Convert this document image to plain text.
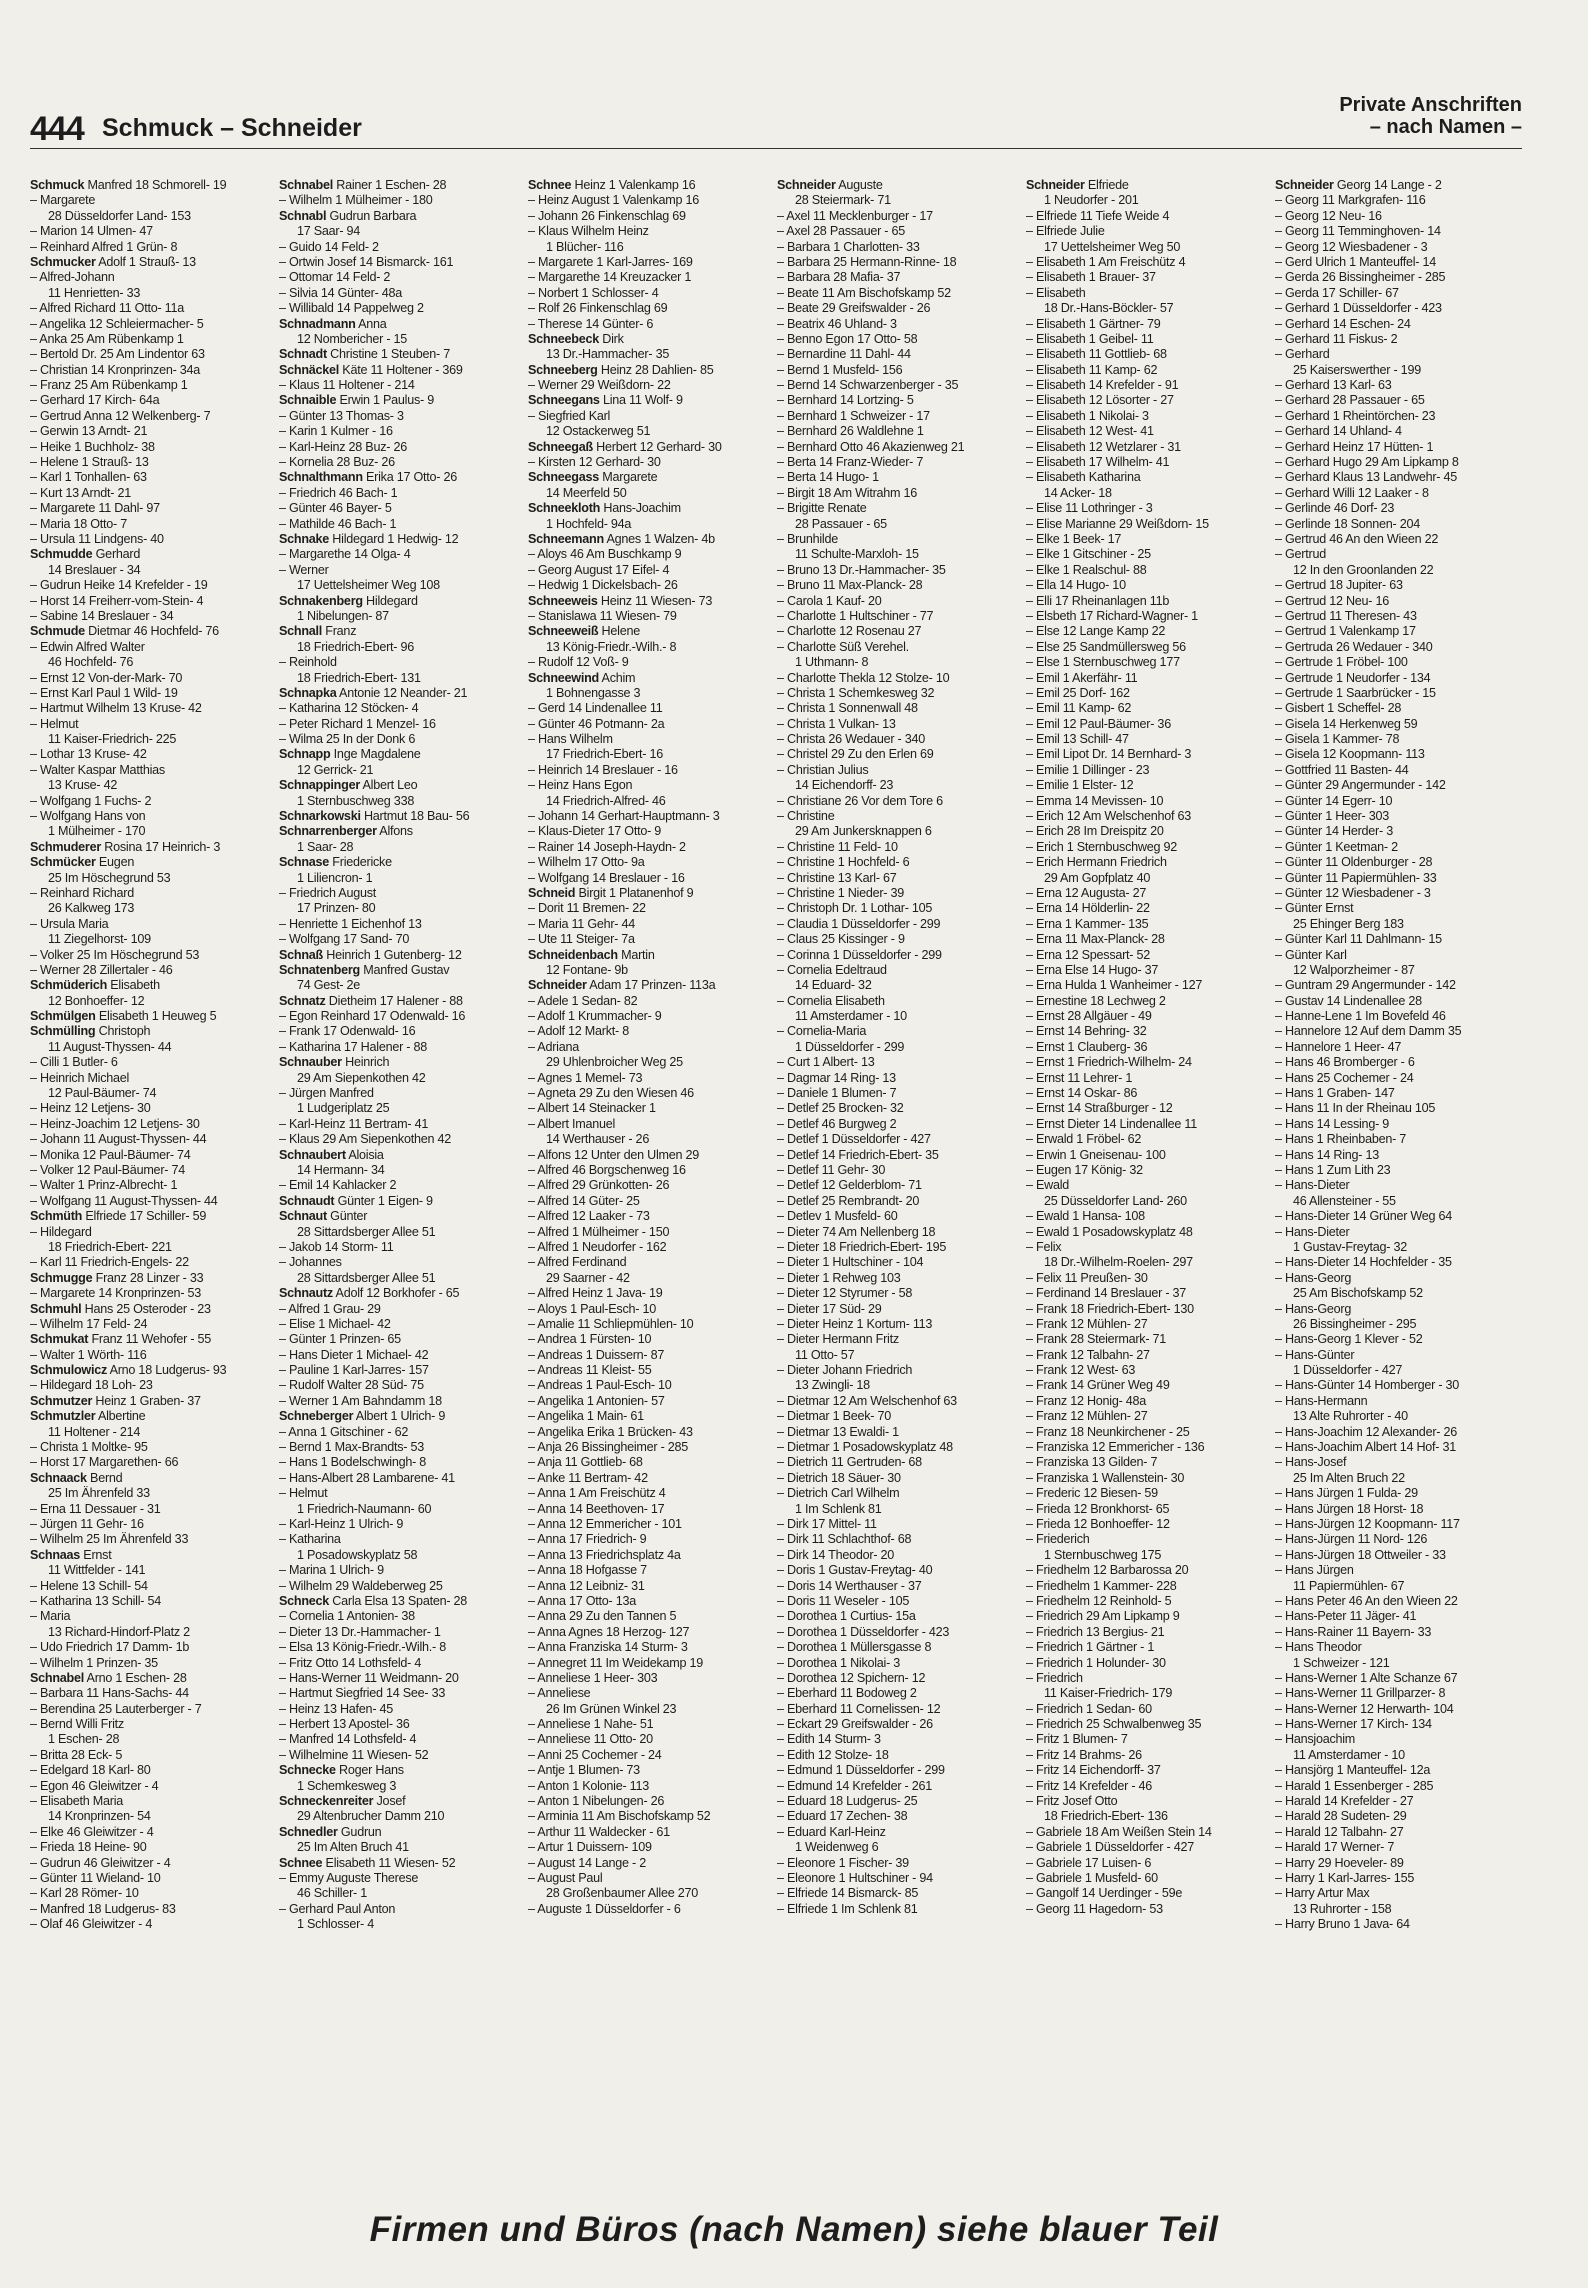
444 Schmuck – Schneider
Private Anschriften
– nach Namen –
Schmuck Manfred 18 Schmorell- 19
– Margarete
28 Düsseldorfer Land- 153
– Marion 14 Ulmen- 47
– Reinhard Alfred 1 Grün- 8
Schmucker Adolf 1 Strauß- 13
– Alfred-Johann
11 Henrietten- 33
– Alfred Richard 11 Otto- 11a
– Angelika 12 Schleiermacher- 5
– Anka 25 Am Rübenkamp 1
– Bertold Dr. 25 Am Lindentor 63
– Christian 14 Kronprinzen- 34a
– Franz 25 Am Rübenkamp 1
– Gerhard 17 Kirch- 64a
– Gertrud Anna 12 Welkenberg- 7
– Gerwin 13 Arndt- 21
– Heike 1 Buchholz- 38
– Helene 1 Strauß- 13
– Karl 1 Tonhallen- 63
– Kurt 13 Arndt- 21
– Margarete 11 Dahl- 97
– Maria 18 Otto- 7
– Ursula 11 Lindgens- 40
Schmudde Gerhard
14 Breslauer - 34
– Gudrun Heike 14 Krefelder - 19
– Horst 14 Freiherr-vom-Stein- 4
– Sabine 14 Breslauer - 34
Schmude Dietmar 46 Hochfeld- 76
– Edwin Alfred Walter
46 Hochfeld- 76
– Ernst 12 Von-der-Mark- 70
– Ernst Karl Paul 1 Wild- 19
– Hartmut Wilhelm 13 Kruse- 42
– Helmut
11 Kaiser-Friedrich- 225
– Lothar 13 Kruse- 42
– Walter Kaspar Matthias
13 Kruse- 42
– Wolfgang 1 Fuchs- 2
– Wolfgang Hans von
1 Mülheimer - 170
Schmuderer Rosina 17 Heinrich- 3
Schmücker Eugen
25 Im Höschegrund 53
– Reinhard Richard
26 Kalkweg 173
– Ursula Maria
11 Ziegelhorst- 109
– Volker 25 Im Höschegrund 53
– Werner 28 Zillertaler - 46
Schmüderich Elisabeth
12 Bonhoeffer- 12
Schmülgen Elisabeth 1 Heuweg 5
Schmülling Christoph
11 August-Thyssen- 44
– Cilli 1 Butler- 6
– Heinrich Michael
12 Paul-Bäumer- 74
– Heinz 12 Letjens- 30
– Heinz-Joachim 12 Letjens- 30
– Johann 11 August-Thyssen- 44
– Monika 12 Paul-Bäumer- 74
– Volker 12 Paul-Bäumer- 74
– Walter 1 Prinz-Albrecht- 1
– Wolfgang 11 August-Thyssen- 44
Schmüth Elfriede 17 Schiller- 59
– Hildegard
18 Friedrich-Ebert- 221
– Karl 11 Friedrich-Engels- 22
Schmugge Franz 28 Linzer - 33
– Margarete 14 Kronprinzen- 53
Schmuhl Hans 25 Osteroder - 23
– Wilhelm 17 Feld- 24
Schmukat Franz 11 Wehofer - 55
– Walter 1 Wörth- 116
Schmulowicz Arno 18 Ludgerus- 93
– Hildegard 18 Loh- 23
Schmutzer Heinz 1 Graben- 37
Schmutzler Albertine
11 Holtener - 214
– Christa 1 Moltke- 95
– Horst 17 Margarethen- 66
Schnaack Bernd
25 Im Ährenfeld 33
– Erna 11 Dessauer - 31
– Jürgen 11 Gehr- 16
– Wilhelm 25 Im Ährenfeld 33
Schnaas Ernst
11 Wittfelder - 141
– Helene 13 Schill- 54
– Katharina 13 Schill- 54
– Maria
13 Richard-Hindorf-Platz 2
– Udo Friedrich 17 Damm- 1b
– Wilhelm 1 Prinzen- 35
Schnabel Arno 1 Eschen- 28
– Barbara 11 Hans-Sachs- 44
– Berendina 25 Lauterberger - 7
– Bernd Willi Fritz
1 Eschen- 28
– Britta 28 Eck- 5
– Edelgard 18 Karl- 80
– Egon 46 Gleiwitzer - 4
– Elisabeth Maria
14 Kronprinzen- 54
– Elke 46 Gleiwitzer - 4
– Frieda 18 Heine- 90
– Gudrun 46 Gleiwitzer - 4
– Günter 11 Wieland- 10
– Karl 28 Römer- 10
– Manfred 18 Ludgerus- 83
– Olaf 46 Gleiwitzer - 4
Schnabel Rainer 1 Eschen- 28
– Wilhelm 1 Mülheimer - 180
Schnabl Gudrun Barbara
17 Saar- 94
– Guido 14 Feld- 2
– Ortwin Josef 14 Bismarck- 161
– Ottomar 14 Feld- 2
– Silvia 14 Günter- 48a
– Willibald 14 Pappelweg 2
Schnadmann Anna
12 Nombericher - 15
Schnadt Christine 1 Steuben- 7
Schnäckel Käte 11 Holtener - 369
– Klaus 11 Holtener - 214
Schnaible Erwin 1 Paulus- 9
– Günter 13 Thomas- 3
– Karin 1 Kulmer - 16
– Karl-Heinz 28 Buz- 26
– Kornelia 28 Buz- 26
Schnalthmann Erika 17 Otto- 26
– Friedrich 46 Bach- 1
– Günter 46 Bayer- 5
– Mathilde 46 Bach- 1
Schnake Hildegard 1 Hedwig- 12
– Margarethe 14 Olga- 4
– Werner
17 Uettelsheimer Weg 108
Schnakenberg Hildegard
1 Nibelungen- 87
Schnall Franz
18 Friedrich-Ebert- 96
– Reinhold
18 Friedrich-Ebert- 131
Schnapka Antonie 12 Neander- 21
– Katharina 12 Stöcken- 4
– Peter Richard 1 Menzel- 16
– Wilma 25 In der Donk 6
Schnapp Inge Magdalene
12 Gerrick- 21
Schnappinger Albert Leo
1 Sternbuschweg 338
Schnarkowski Hartmut 18 Bau- 56
Schnarrenberger Alfons
1 Saar- 28
Schnase Friedericke
1 Liliencron- 1
– Friedrich August
17 Prinzen- 80
– Henriette 1 Eichenhof 13
– Wolfgang 17 Sand- 70
Schnaß Heinrich 1 Gutenberg- 12
Schnatenberg Manfred Gustav
74 Gest- 2e
Schnatz Dietheim 17 Halener - 88
– Egon Reinhard 17 Odenwald- 16
– Frank 17 Odenwald- 16
– Katharina 17 Halener - 88
Schnauber Heinrich
29 Am Siepenkothen 42
– Jürgen Manfred
1 Ludgeriplatz 25
– Karl-Heinz 11 Bertram- 41
– Klaus 29 Am Siepenkothen 42
Schnaubert Aloisia
14 Hermann- 34
– Emil 14 Kahlacker 2
Schnaudt Günter 1 Eigen- 9
Schnaut Günter
28 Sittardsberger Allee 51
– Jakob 14 Storm- 11
– Johannes
28 Sittardsberger Allee 51
Schnautz Adolf 12 Borkhofer - 65
– Alfred 1 Grau- 29
– Elise 1 Michael- 42
– Günter 1 Prinzen- 65
– Hans Dieter 1 Michael- 42
– Pauline 1 Karl-Jarres- 157
– Rudolf Walter 28 Süd- 75
– Werner 1 Am Bahndamm 18
Schneberger Albert 1 Ulrich- 9
– Anna 1 Gitschiner - 62
– Bernd 1 Max-Brandts- 53
– Hans 1 Bodelschwingh- 8
– Hans-Albert 28 Lambarene- 41
– Helmut
1 Friedrich-Naumann- 60
– Karl-Heinz 1 Ulrich- 9
– Katharina
1 Posadowskyplatz 58
– Marina 1 Ulrich- 9
– Wilhelm 29 Waldeberweg 25
Schneck Carla Elsa 13 Spaten- 28
– Cornelia 1 Antonien- 38
– Dieter 13 Dr.-Hammacher- 1
– Elsa 13 König-Friedr.-Wilh.- 8
– Fritz Otto 14 Lothsfeld- 4
– Hans-Werner 11 Weidmann- 20
– Hartmut Siegfried 14 See- 33
– Heinz 13 Hafen- 45
– Herbert 13 Apostel- 36
– Manfred 14 Lothsfeld- 4
– Wilhelmine 11 Wiesen- 52
Schnecke Roger Hans
1 Schemkesweg 3
Schneckenreiter Josef
29 Altenbrucher Damm 210
Schnedler Gudrun
25 Im Alten Bruch 41
Schnee Elisabeth 11 Wiesen- 52
– Emmy Auguste Therese
46 Schiller- 1
– Gerhard Paul Anton
1 Schlosser- 4
Schnee Heinz 1 Valenkamp 16
– Heinz August 1 Valenkamp 16
– Johann 26 Finkenschlag 69
– Klaus Wilhelm Heinz
1 Blücher- 116
– Margarete 1 Karl-Jarres- 169
– Margarethe 14 Kreuzacker 1
– Norbert 1 Schlosser- 4
– Rolf 26 Finkenschlag 69
– Therese 14 Günter- 6
Schneebeck Dirk
13 Dr.-Hammacher- 35
Schneeberg Heinz 28 Dahlien- 85
– Werner 29 Weißdorn- 22
Schneegans Lina 11 Wolf- 9
– Siegfried Karl
12 Ostackerweg 51
Schneegaß Herbert 12 Gerhard- 30
– Kirsten 12 Gerhard- 30
Schneegass Margarete
14 Meerfeld 50
Schneekloth Hans-Joachim
1 Hochfeld- 94a
Schneemann Agnes 1 Walzen- 4b
– Aloys 46 Am Buschkamp 9
– Georg August 17 Eifel- 4
– Hedwig 1 Dickelsbach- 26
Schneeweis Heinz 11 Wiesen- 73
– Stanislawa 11 Wiesen- 79
Schneeweiß Helene
13 König-Friedr.-Wilh.- 8
– Rudolf 12 Voß- 9
Schneewind Achim
1 Bohnengasse 3
– Gerd 14 Lindenallee 11
– Günter 46 Potmann- 2a
– Hans Wilhelm
17 Friedrich-Ebert- 16
– Heinrich 14 Breslauer - 16
– Heinz Hans Egon
14 Friedrich-Alfred- 46
– Johann 14 Gerhart-Hauptmann- 3
– Klaus-Dieter 17 Otto- 9
– Rainer 14 Joseph-Haydn- 2
– Wilhelm 17 Otto- 9a
– Wolfgang 14 Breslauer - 16
Schneid Birgit 1 Platanenhof 9
– Dorit 11 Bremen- 22
– Maria 11 Gehr- 44
– Ute 11 Steiger- 7a
Schneidenbach Martin
12 Fontane- 9b
Schneider Adam 17 Prinzen- 113a
– Adele 1 Sedan- 82
– Adolf 1 Krummacher- 9
– Adolf 12 Markt- 8
– Adriana
29 Uhlenbroicher Weg 25
– Agnes 1 Memel- 73
– Agneta 29 Zu den Wiesen 46
– Albert 14 Steinacker 1
– Albert Imanuel
14 Werthauser - 26
– Alfons 12 Unter den Ulmen 29
– Alfred 46 Borgschenweg 16
– Alfred 29 Grünkotten- 26
– Alfred 14 Güter- 25
– Alfred 12 Laaker - 73
– Alfred 1 Mülheimer - 150
– Alfred 1 Neudorfer - 162
– Alfred Ferdinand
29 Saarner - 42
– Alfred Heinz 1 Java- 19
– Aloys 1 Paul-Esch- 10
– Amalie 11 Schliepmühlen- 10
– Andrea 1 Fürsten- 10
– Andreas 1 Duissern- 87
– Andreas 11 Kleist- 55
– Andreas 1 Paul-Esch- 10
– Angelika 1 Antonien- 57
– Angelika 1 Main- 61
– Angelika Erika 1 Brücken- 43
– Anja 26 Bissingheimer - 285
– Anja 11 Gottlieb- 68
– Anke 11 Bertram- 42
– Anna 1 Am Freischütz 4
– Anna 14 Beethoven- 17
– Anna 12 Emmericher - 101
– Anna 17 Friedrich- 9
– Anna 13 Friedrichsplatz 4a
– Anna 18 Hofgasse 7
– Anna 12 Leibniz- 31
– Anna 17 Otto- 13a
– Anna 29 Zu den Tannen 5
– Anna Agnes 18 Herzog- 127
– Anna Franziska 14 Sturm- 3
– Annegret 11 Im Weidekamp 19
– Anneliese 1 Heer- 303
– Anneliese
26 Im Grünen Winkel 23
– Anneliese 1 Nahe- 51
– Anneliese 11 Otto- 20
– Anni 25 Cochemer - 24
– Antje 1 Blumen- 73
– Anton 1 Kolonie- 113
– Anton 1 Nibelungen- 26
– Arminia 11 Am Bischofskamp 52
– Arthur 11 Waldecker - 61
– Artur 1 Duissern- 109
– August 14 Lange - 2
– August Paul
28 Großenbaumer Allee 270
– Auguste 1 Düsseldorfer - 6
Schneider Auguste
28 Steiermark- 71
– Axel 11 Mecklenburger - 17
– Axel 28 Passauer - 65
– Barbara 1 Charlotten- 33
– Barbara 25 Hermann-Rinne- 18
– Barbara 28 Mafia- 37
– Beate 11 Am Bischofskamp 52
– Beate 29 Greifswalder - 26
– Beatrix 46 Uhland- 3
– Benno Egon 17 Otto- 58
– Bernardine 11 Dahl- 44
– Bernd 1 Musfeld- 156
– Bernd 14 Schwarzenberger - 35
– Bernhard 14 Lortzing- 5
– Bernhard 1 Schweizer - 17
– Bernhard 26 Waldlehne 1
– Bernhard Otto 46 Akazienweg 21
– Berta 14 Franz-Wieder- 7
– Berta 14 Hugo- 1
– Birgit 18 Am Witrahm 16
– Brigitte Renate
28 Passauer - 65
– Brunhilde
11 Schulte-Marxloh- 15
– Bruno 13 Dr.-Hammacher- 35
– Bruno 11 Max-Planck- 28
– Carola 1 Kauf- 20
– Charlotte 1 Hultschiner - 77
– Charlotte 12 Rosenau 27
– Charlotte Süß Verehel.
1 Uthmann- 8
– Charlotte Thekla 12 Stolze- 10
– Christa 1 Schemkesweg 32
– Christa 1 Sonnenwall 48
– Christa 1 Vulkan- 13
– Christa 26 Wedauer - 340
– Christel 29 Zu den Erlen 69
– Christian Julius
14 Eichendorff- 23
– Christiane 26 Vor dem Tore 6
– Christine
29 Am Junkersknappen 6
– Christine 11 Feld- 10
– Christine 1 Hochfeld- 6
– Christine 13 Karl- 67
– Christine 1 Nieder- 39
– Christoph Dr. 1 Lothar- 105
– Claudia 1 Düsseldorfer - 299
– Claus 25 Kissinger - 9
– Corinna 1 Düsseldorfer - 299
– Cornelia Edeltraud
14 Eduard- 32
– Cornelia Elisabeth
11 Amsterdamer - 10
– Cornelia-Maria
1 Düsseldorfer - 299
– Curt 1 Albert- 13
– Dagmar 14 Ring- 13
– Daniele 1 Blumen- 7
– Detlef 25 Brocken- 32
– Detlef 46 Burgweg 2
– Detlef 1 Düsseldorfer - 427
– Detlef 14 Friedrich-Ebert- 35
– Detlef 11 Gehr- 30
– Detlef 12 Gelderblom- 71
– Detlef 25 Rembrandt- 20
– Detlev 1 Musfeld- 60
– Dieter 74 Am Nellenberg 18
– Dieter 18 Friedrich-Ebert- 195
– Dieter 1 Hultschiner - 104
– Dieter 1 Rehweg 103
– Dieter 12 Styrumer - 58
– Dieter 17 Süd- 29
– Dieter Heinz 1 Kortum- 113
– Dieter Hermann Fritz
11 Otto- 57
– Dieter Johann Friedrich
13 Zwingli- 18
– Dietmar 12 Am Welschenhof 63
– Dietmar 1 Beek- 70
– Dietmar 13 Ewaldi- 1
– Dietmar 1 Posadowskyplatz 48
– Dietrich 11 Gertruden- 68
– Dietrich 18 Säuer- 30
– Dietrich Carl Wilhelm
1 Im Schlenk 81
– Dirk 17 Mittel- 11
– Dirk 11 Schlachthof- 68
– Dirk 14 Theodor- 20
– Doris 1 Gustav-Freytag- 40
– Doris 14 Werthauser - 37
– Doris 11 Weseler - 105
– Dorothea 1 Curtius- 15a
– Dorothea 1 Düsseldorfer - 423
– Dorothea 1 Müllersgasse 8
– Dorothea 1 Nikolai- 3
– Dorothea 12 Spichern- 12
– Eberhard 11 Bodoweg 2
– Eberhard 11 Cornelissen- 12
– Eckart 29 Greifswalder - 26
– Edith 14 Sturm- 3
– Edith 12 Stolze- 18
– Edmund 1 Düsseldorfer - 299
– Edmund 14 Krefelder - 261
– Eduard 18 Ludgerus- 25
– Eduard 17 Zechen- 38
– Eduard Karl-Heinz
1 Weidenweg 6
– Eleonore 1 Fischer- 39
– Eleonore 1 Hultschiner - 94
– Elfriede 14 Bismarck- 85
– Elfriede 1 Im Schlenk 81
Schneider Elfriede
1 Neudorfer - 201
– Elfriede 11 Tiefe Weide 4
– Elfriede Julie
17 Uettelsheimer Weg 50
– Elisabeth 1 Am Freischütz 4
– Elisabeth 1 Brauer- 37
– Elisabeth
18 Dr.-Hans-Böckler- 57
– Elisabeth 1 Gärtner- 79
– Elisabeth 1 Geibel- 11
– Elisabeth 11 Gottlieb- 68
– Elisabeth 11 Kamp- 62
– Elisabeth 14 Krefelder - 91
– Elisabeth 12 Lösorter - 27
– Elisabeth 1 Nikolai- 3
– Elisabeth 12 West- 41
– Elisabeth 12 Wetzlarer - 31
– Elisabeth 17 Wilhelm- 41
– Elisabeth Katharina
14 Acker- 18
– Elise 11 Lothringer - 3
– Elise Marianne 29 Weißdorn- 15
– Elke 1 Beek- 17
– Elke 1 Gitschiner - 25
– Elke 1 Realschul- 88
– Ella 14 Hugo- 10
– Elli 17 Rheinanlagen 11b
– Elsbeth 17 Richard-Wagner- 1
– Else 12 Lange Kamp 22
– Else 25 Sandmüllersweg 56
– Else 1 Sternbuschweg 177
– Emil 1 Akerfähr- 11
– Emil 25 Dorf- 162
– Emil 11 Kamp- 62
– Emil 12 Paul-Bäumer- 36
– Emil 13 Schill- 47
– Emil Lipot Dr. 14 Bernhard- 3
– Emilie 1 Dillinger - 23
– Emilie 1 Elster- 12
– Emma 14 Mevissen- 10
– Erich 12 Am Welschenhof 63
– Erich 28 Im Dreispitz 20
– Erich 1 Sternbuschweg 92
– Erich Hermann Friedrich
29 Am Gopfplatz 40
– Erna 12 Augusta- 27
– Erna 14 Hölderlin- 22
– Erna 1 Kammer- 135
– Erna 11 Max-Planck- 28
– Erna 12 Spessart- 52
– Erna Else 14 Hugo- 37
– Erna Hulda 1 Wanheimer - 127
– Ernestine 18 Lechweg 2
– Ernst 28 Allgäuer - 49
– Ernst 14 Behring- 32
– Ernst 1 Clauberg- 36
– Ernst 1 Friedrich-Wilhelm- 24
– Ernst 11 Lehrer- 1
– Ernst 14 Oskar- 86
– Ernst 14 Straßburger - 12
– Ernst Dieter 14 Lindenallee 11
– Erwald 1 Fröbel- 62
– Erwin 1 Gneisenau- 100
– Eugen 17 König- 32
– Ewald
25 Düsseldorfer Land- 260
– Ewald 1 Hansa- 108
– Ewald 1 Posadowskyplatz 48
– Felix
18 Dr.-Wilhelm-Roelen- 297
– Felix 11 Preußen- 30
– Ferdinand 14 Breslauer - 37
– Frank 18 Friedrich-Ebert- 130
– Frank 12 Mühlen- 27
– Frank 28 Steiermark- 71
– Frank 12 Talbahn- 27
– Frank 12 West- 63
– Frank 14 Grüner Weg 49
– Franz 12 Honig- 48a
– Franz 12 Mühlen- 27
– Franz 18 Neunkirchener - 25
– Franziska 12 Emmericher - 136
– Franziska 13 Gilden- 7
– Franziska 1 Wallenstein- 30
– Frederic 12 Biesen- 59
– Frieda 12 Bronkhorst- 65
– Frieda 12 Bonhoeffer- 12
– Friederich
1 Sternbuschweg 175
– Friedhelm 12 Barbarossa 20
– Friedhelm 1 Kammer- 228
– Friedhelm 12 Reinhold- 5
– Friedrich 29 Am Lipkamp 9
– Friedrich 13 Bergius- 21
– Friedrich 1 Gärtner - 1
– Friedrich 1 Holunder- 30
– Friedrich
11 Kaiser-Friedrich- 179
– Friedrich 1 Sedan- 60
– Friedrich 25 Schwalbenweg 35
– Fritz 1 Blumen- 7
– Fritz 14 Brahms- 26
– Fritz 14 Eichendorff- 37
– Fritz 14 Krefelder - 46
– Fritz Josef Otto
18 Friedrich-Ebert- 136
– Gabriele 18 Am Weißen Stein 14
– Gabriele 1 Düsseldorfer - 427
– Gabriele 17 Luisen- 6
– Gabriele 1 Musfeld- 60
– Gangolf 14 Uerdinger - 59e
– Georg 11 Hagedorn- 53
Schneider Georg 14 Lange - 2
– Georg 11 Markgrafen- 116
– Georg 12 Neu- 16
– Georg 11 Temminghoven- 14
– Georg 12 Wiesbadener - 3
– Gerd Ulrich 1 Manteuffel- 14
– Gerda 26 Bissingheimer - 285
– Gerda 17 Schiller- 67
– Gerhard 1 Düsseldorfer - 423
– Gerhard 14 Eschen- 24
– Gerhard 11 Fiskus- 2
– Gerhard
25 Kaiserswerther - 199
– Gerhard 13 Karl- 63
– Gerhard 28 Passauer - 65
– Gerhard 1 Rheintörchen- 23
– Gerhard 14 Uhland- 4
– Gerhard Heinz 17 Hütten- 1
– Gerhard Hugo 29 Am Lipkamp 8
– Gerhard Klaus 13 Landwehr- 45
– Gerhard Willi 12 Laaker - 8
– Gerlinde 46 Dorf- 23
– Gerlinde 18 Sonnen- 204
– Gertrud 46 An den Wieen 22
– Gertrud
12 In den Groonlanden 22
– Gertrud 18 Jupiter- 63
– Gertrud 12 Neu- 16
– Gertrud 11 Theresen- 43
– Gertrud 1 Valenkamp 17
– Gertruda 26 Wedauer - 340
– Gertrude 1 Fröbel- 100
– Gertrude 1 Neudorfer - 134
– Gertrude 1 Saarbrücker - 15
– Gisbert 1 Scheffel- 28
– Gisela 14 Herkenweg 59
– Gisela 1 Kammer- 78
– Gisela 12 Koopmann- 113
– Gottfried 11 Basten- 44
– Günter 29 Angermunder - 142
– Günter 14 Egerr- 10
– Günter 1 Heer- 303
– Günter 14 Herder- 3
– Günter 1 Keetman- 2
– Günter 11 Oldenburger - 28
– Günter 11 Papiermühlen- 33
– Günter 12 Wiesbadener - 3
– Günter Ernst
25 Ehinger Berg 183
– Günter Karl 11 Dahlmann- 15
– Günter Karl
12 Walporzheimer - 87
– Guntram 29 Angermunder - 142
– Gustav 14 Lindenallee 28
– Hanne-Lene 1 Im Bovefeld 46
– Hannelore 12 Auf dem Damm 35
– Hannelore 1 Heer- 47
– Hans 46 Bromberger - 6
– Hans 25 Cochemer - 24
– Hans 1 Graben- 147
– Hans 11 In der Rheinau 105
– Hans 14 Lessing- 9
– Hans 1 Rheinbaben- 7
– Hans 14 Ring- 13
– Hans 1 Zum Lith 23
– Hans-Dieter
46 Allensteiner - 55
– Hans-Dieter 14 Grüner Weg 64
– Hans-Dieter
1 Gustav-Freytag- 32
– Hans-Dieter 14 Hochfelder - 35
– Hans-Georg
25 Am Bischofskamp 52
– Hans-Georg
26 Bissingheimer - 295
– Hans-Georg 1 Klever - 52
– Hans-Günter
1 Düsseldorfer - 427
– Hans-Günter 14 Homberger - 30
– Hans-Hermann
13 Alte Ruhrorter - 40
– Hans-Joachim 12 Alexander- 26
– Hans-Joachim Albert 14 Hof- 31
– Hans-Josef
25 Im Alten Bruch 22
– Hans Jürgen 1 Fulda- 29
– Hans Jürgen 18 Horst- 18
– Hans-Jürgen 12 Koopmann- 117
– Hans-Jürgen 11 Nord- 126
– Hans-Jürgen 18 Ottweiler - 33
– Hans Jürgen
11 Papiermühlen- 67
– Hans Peter 46 An den Wieen 22
– Hans-Peter 11 Jäger- 41
– Hans-Rainer 11 Bayern- 33
– Hans Theodor
1 Schweizer - 121
– Hans-Werner 1 Alte Schanze 67
– Hans-Werner 11 Grillparzer- 8
– Hans-Werner 12 Herwarth- 104
– Hans-Werner 17 Kirch- 134
– Hansjoachim
11 Amsterdamer - 10
– Hansjörg 1 Manteuffel- 12a
– Harald 1 Essenberger - 285
– Harald 14 Krefelder - 27
– Harald 28 Sudeten- 29
– Harald 12 Talbahn- 27
– Harald 17 Werner- 7
– Harry 29 Hoeveler- 89
– Harry 1 Karl-Jarres- 155
– Harry Artur Max
13 Ruhrorter - 158
– Harry Bruno 1 Java- 64
Firmen und Büros (nach Namen) siehe blauer Teil
